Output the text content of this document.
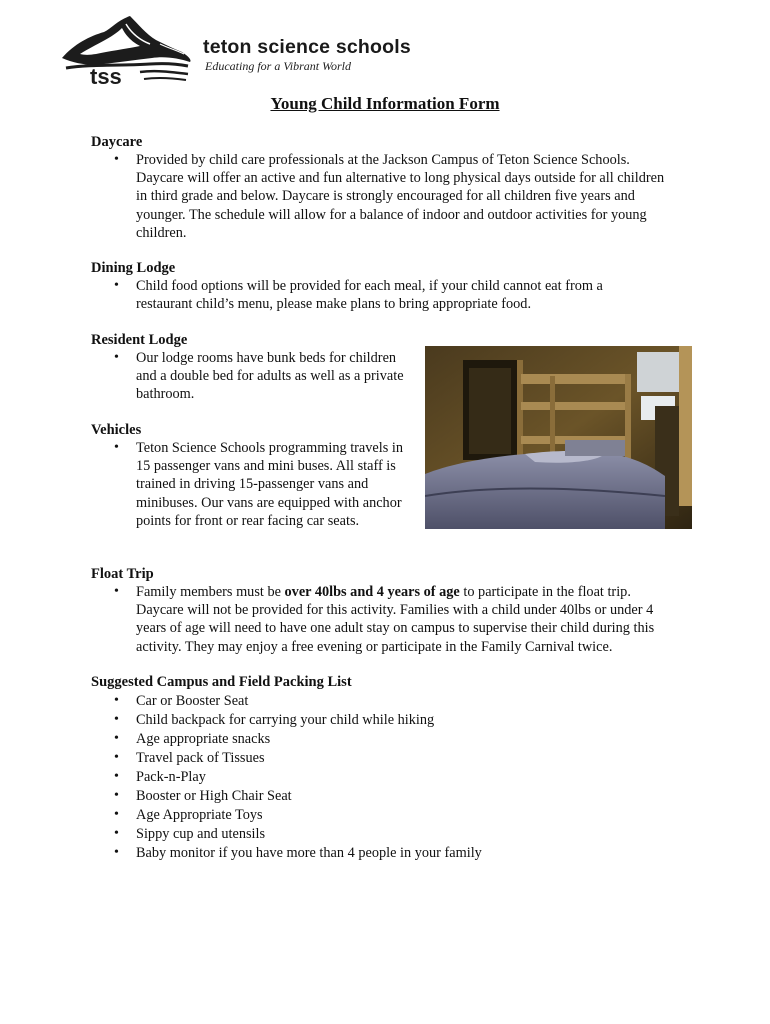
tss
teton science schools
Educating for a Vibrant World
Young Child Information Form
Daycare
• Provided by child care professionals at the Jackson Campus of Teton Science Schools. Daycare will offer an active and fun alternative to long physical days outside for all children in third grade and below. Daycare is strongly encouraged for all children five years and younger. The schedule will allow for a balance of indoor and outdoor activities for young children.
Dining Lodge
• Child food options will be provided for each meal, if your child cannot eat from a restaurant child’s menu, please make plans to bring appropriate food.
Resident Lodge
• Our lodge rooms have bunk beds for children and a double bed for adults as well as a private bathroom.
Vehicles
• Teton Science Schools programming travels in 15 passenger vans and mini buses. All staff is trained in driving 15-passenger vans and minibuses. Our vans are equipped with anchor points for front or rear facing car seats.
Float Trip
• Family members must be over 40lbs and 4 years of age to participate in the float trip. Daycare will not be provided for this activity. Families with a child under 40lbs or under 4 years of age will need to have one adult stay on campus to supervise their child during this activity. They may enjoy a free evening or participate in the Family Carnival twice.
Suggested Campus and Field Packing List
• Car or Booster Seat
• Child backpack for carrying your child while hiking
• Age appropriate snacks
• Travel pack of Tissues
• Pack-n-Play
• Booster or High Chair Seat
• Age Appropriate Toys
• Sippy cup and utensils
• Baby monitor if you have more than 4 people in your family
